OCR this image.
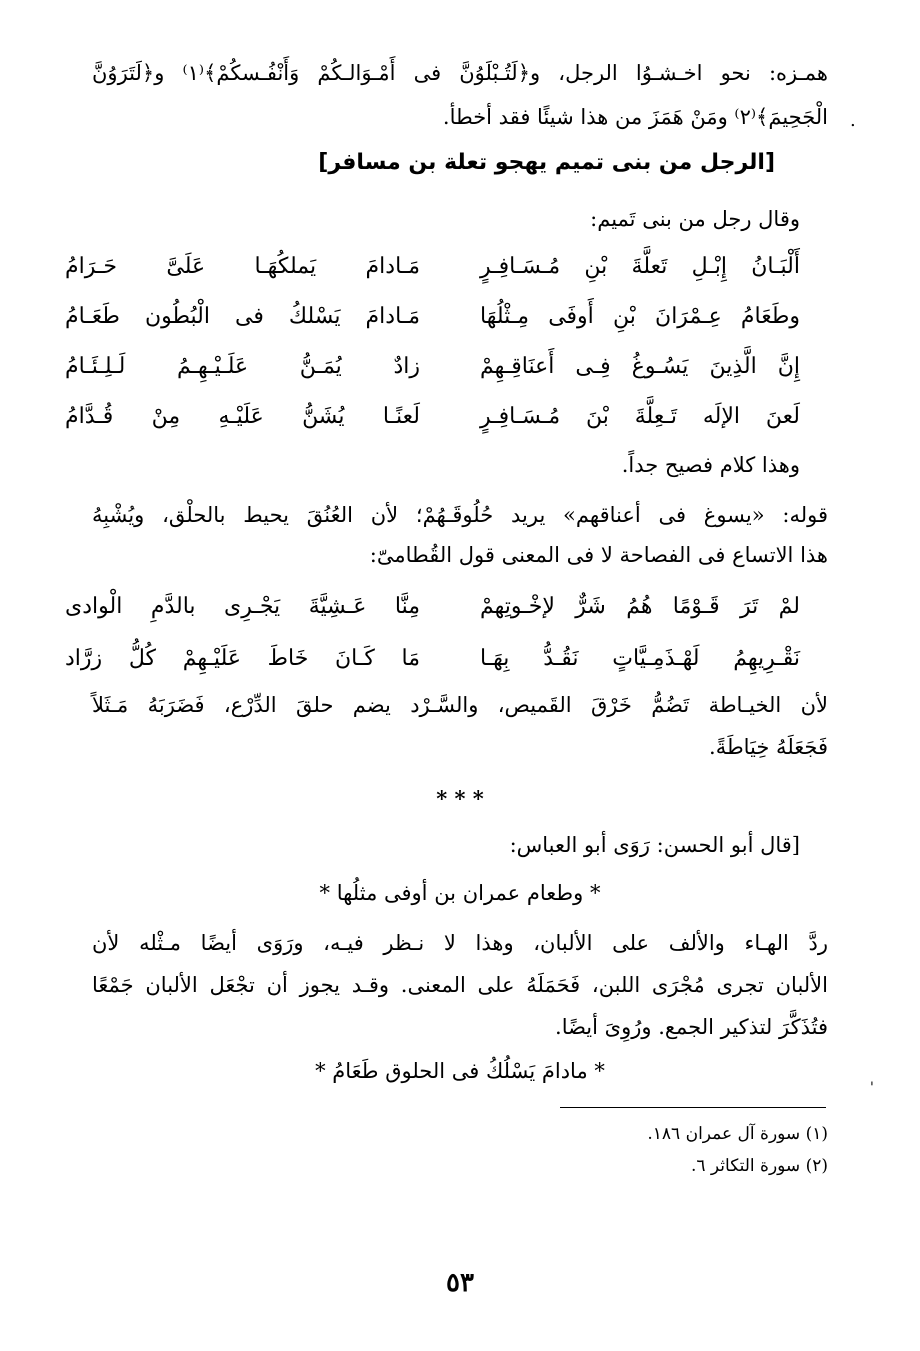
همـزه: نحو اخـشـوُا الرجل، و﴿لَتُـبْلَوُنَّ فى أَمْـوَالـكُمْ وَأَنْفُـسكُمْ﴾⁽١⁾ و﴿لَتَرَوُنَّ
الْجَحِيمَ﴾⁽٢⁾ ومَنْ هَمَزَ من هذا شيئًا فقد أخطأ.
[الرجل من بنى تميم يهجو تعلة بن مسافر]
وقال رجل من بنى تَميم:
أَلْبَـانُ إِبْـلِ تَعلَّةَ بْنِ مُـسَـافِـرٍ
مَـادامَ يَملكُهَـا عَلَىَّ حَـرَامُ
وطَعَامُ عِـمْرَانَ بْنِ أَوفَى مِـثْلُهَا
مَـادامَ يَسْلكُ فى الْبُطُون طَعَـامُ
إِنَّ الَّذِينَ يَسُـوغُ فِـى أَعنَاقِـهِمْ
زادٌ يُمَـنُّ عَلَـيْـهِـمُ لَـلِـئَـامُ
لَعنَ الإلَه تَـعِلَّةَ بْنَ مُـسَـافِـرٍ
لَعنًـا يُشَنُّ عَلَيْـهِ مِنْ قُـدَّامُ
وهذا كلام فصيح جداً.
قوله: «يسوغ فى أعناقهم» يريد حُلُوقَـهُمْ؛ لأن العُنُقَ يحيط بالحلْق، ويُشْبِهُ
هذا الاتساع فى الفصاحة لا فى المعنى قول القُطامىّ:
لمْ تَرَ قَـوْمًا هُمُ شَرٌّ لإخْـوتِهمْ
مِنَّا عَـشِيَّةَ يَجْـرِى بالدَّمِ الْوادى
نَقْـرِيهِمُ لَهْـذَمِـيَّاتٍ نَقُـدُّ بِهَـا
مَا كَـانَ خَاطَ عَلَيْـهِمْ كُلُّ زرَّاد
لأن الخيـاطة تَضُمُّ خَرْقَ القَميص، والسَّـرْد يضم حلقَ الدِّرْع، فَضَرَبَهُ مَـثَلاً
فَجَعَلَهُ خِيَاطَةً.
* * *
[قال أبو الحسن: رَوَى أبو العباس:
* وطعام عمران بن أوفى مثلُها *
ردَّ الهـاء والألف على الألبان، وهذا لا نـظر فيـه، ورَوَى أيضًا مـثْله لأن
الألبان تجرى مُجْرَى اللبن، فَحَمَلَهُ على المعنى. وقـد يجوز أن تجْعَل الألبان جَمْعًا
فتُذَكَّرَ لتذكير الجمع. ورُوِىَ أيضًا.
* مادامَ يَسْلُكُ فى الحلوق طَعَامُ *
(١) سورة آل عمران ١٨٦.
(٢) سورة التكاثر ٦.
٥٣
.
'
